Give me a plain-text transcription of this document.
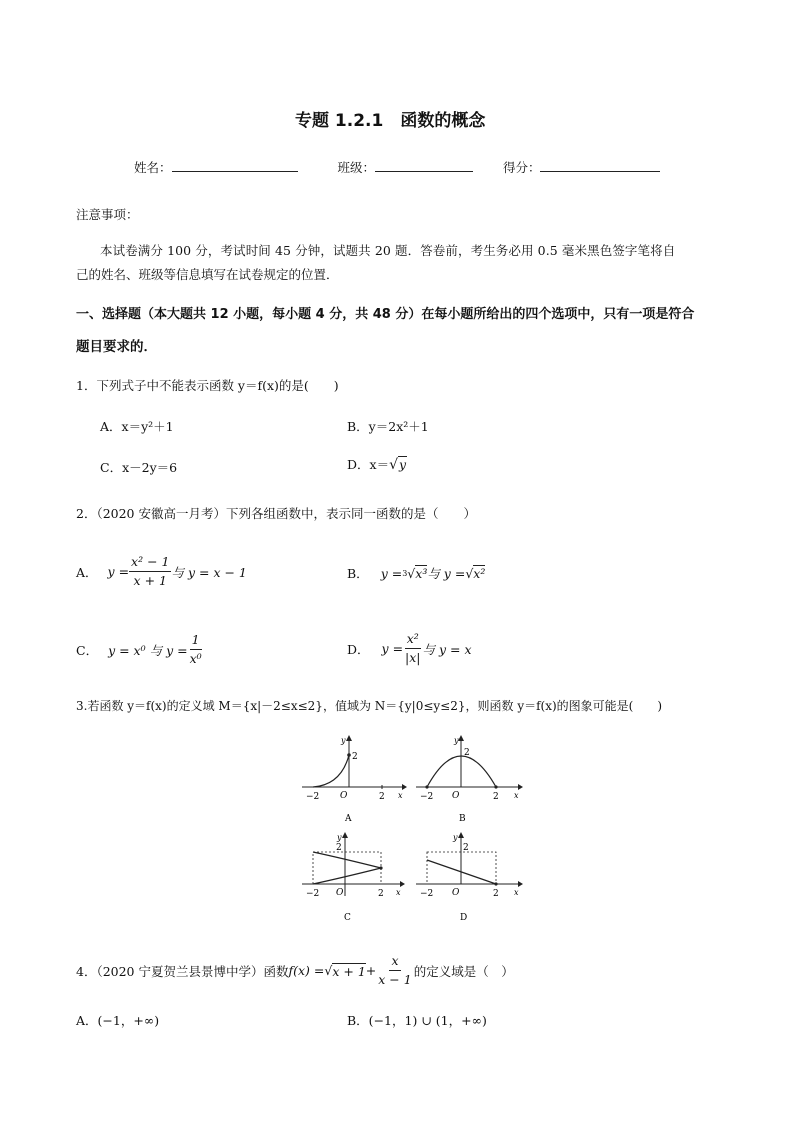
专题 1.2.1　函数的概念
姓名：	班级：	得分：
注意事项：
本试卷满分 100 分，考试时间 45 分钟，试题共 20 题．答卷前，考生务必用 0.5 毫米黑色签字笔将自
己的姓名、班级等信息填写在试卷规定的位置．
一、选择题（本大题共 12 小题，每小题 4 分，共 48 分）在每小题所给出的四个选项中，只有一项是符合
题目要求的．
1．下列式子中不能表示函数 y＝f(x)的是(　　)
A．x＝y²＋1	B．y＝2x²＋1
C．x－2y＝6	D．x＝√y
2．（2020 安徽高一月考）下列各组函数中，表示同一函数的是（　　）
A． $y = \frac{\text{x² − 1}}{x + 1}$ 与 y = x − 1	B． y = 3 √ x³ 与 y = √ x²
C． y = x⁰ 与 $y = \frac{1}{\text{x⁰}}$	D． $y = \frac{\text{x²}}{|x|}$ 与 y = x
3.若函数 y＝f(x)的定义域 M＝{x|－2≤x≤2}，值域为 N＝{y|0≤y≤2}，则函数 y＝f(x)的图象可能是(　　)
−2	2
2
O	x
y
A
−2	2
2
O	x
y
B
−2	2
2
O	x
y
C
−2	2
2
O	x
y
D
4．（2020 宁夏贺兰县景博中学）函数 f(x) = √ $x + 1 + \frac{x}{x - 1}$ 的定义域是（　）
A．(−1，+∞)	B．(−1，1) ∪ (1，+∞)
